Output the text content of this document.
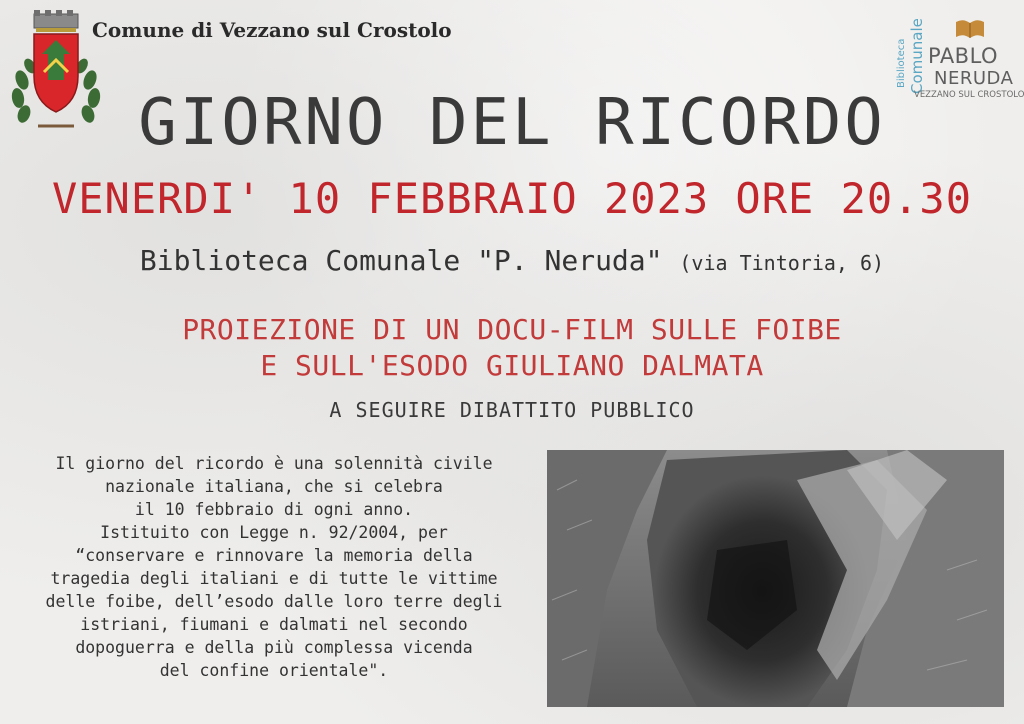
Comune di Vezzano sul Crostolo
Biblioteca Comunale PABLO
NERUDA
VEZZANO SUL CROSTOLO
GIORNO DEL RICORDO
VENERDI' 10 FEBBRAIO 2023 ORE 20.30
Biblioteca Comunale "P. Neruda" (via Tintoria, 6)
PROIEZIONE DI UN DOCU-FILM SULLE FOIBE
E SULL'ESODO GIULIANO DALMATA
A SEGUIRE DIBATTITO PUBBLICO
Il giorno del ricordo è una solennità civile
nazionale italiana, che si celebra
il 10 febbraio di ogni anno.
Istituito con Legge n. 92/2004, per
“conservare e rinnovare la memoria della
tragedia degli italiani e di tutte le vittime
delle foibe, dell’esodo dalle loro terre degli
istriani, fiumani e dalmati nel secondo
dopoguerra e della più complessa vicenda
del confine orientale".
